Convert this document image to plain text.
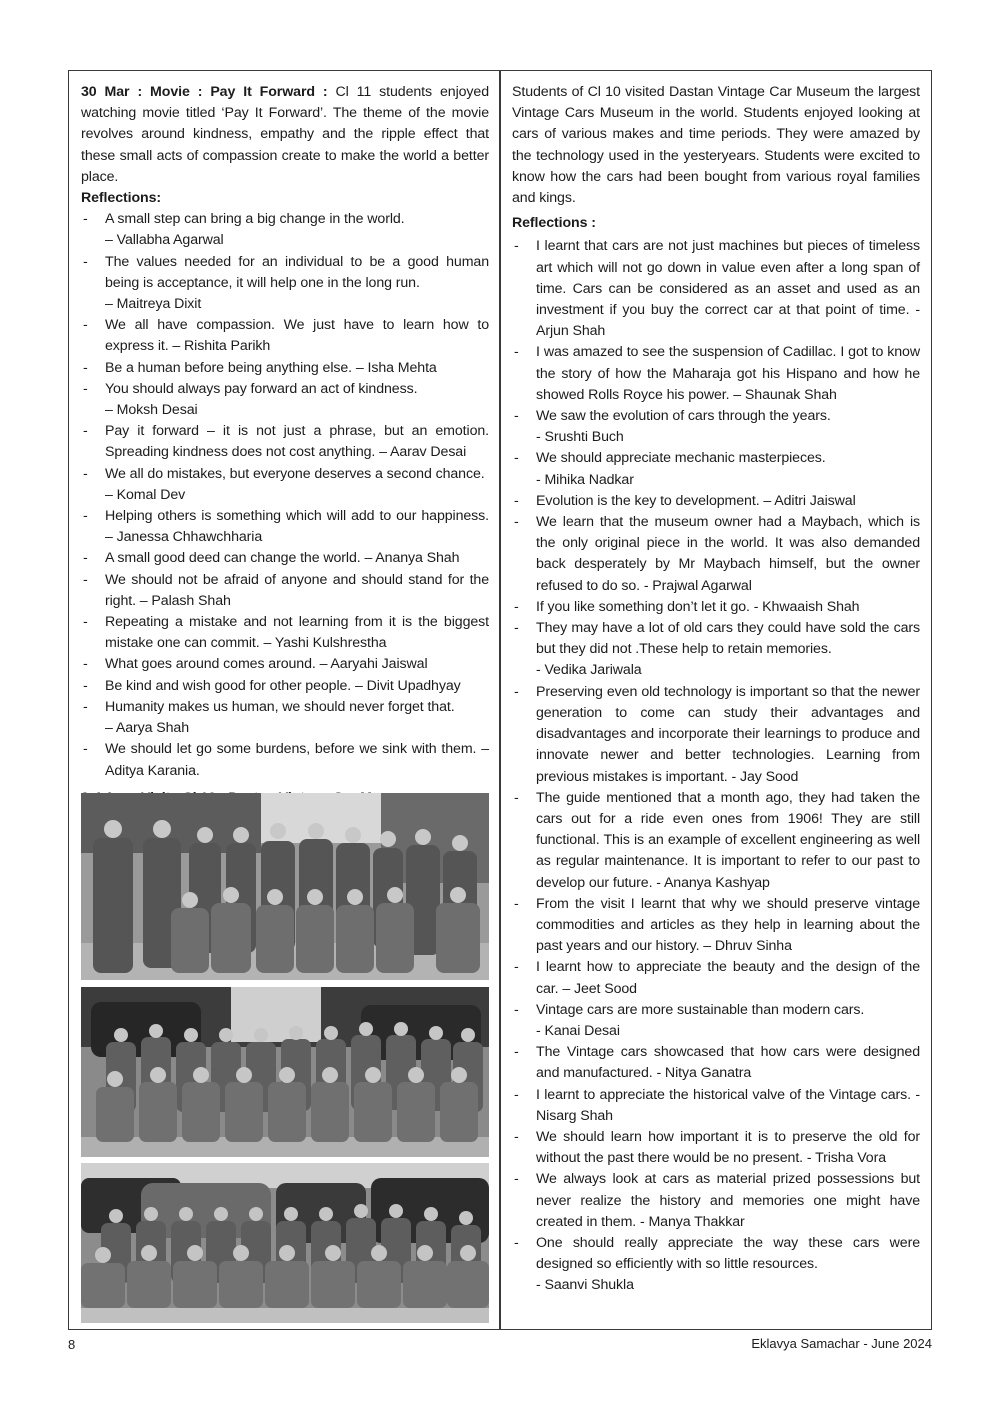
30 Mar : Movie : Pay It Forward : Cl 11 students enjoyed watching movie titled ‘Pay It Forward’. The theme of the movie revolves around kindness, empathy and the ripple effect that these small acts of compassion create to make the world a better place.

Reflections:

- A small step can bring a big change in the world.
– Vallabha Agarwal
- The values needed for an individual to be a good human being is acceptance, it will help one in the long run.
– Maitreya Dixit
- We all have compassion. We just have to learn how to express it. – Rishita Parikh
- Be a human before being anything else. – Isha Mehta
- You should always pay forward an act of kindness.
– Moksh Desai
- Pay it forward – it is not just a phrase, but an emotion. Spreading kindness does not cost anything. – Aarav Desai
- We all do mistakes, but everyone deserves a second chance.
– Komal Dev
- Helping others is something which will add to our happiness. – Janessa Chhawchharia
- A small good deed can change the world. – Ananya Shah
- We should not be afraid of anyone and should stand for the right. – Palash Shah
- Repeating a mistake and not learning from it is the biggest mistake one can commit. – Yashi Kulshrestha
- What goes around comes around. – Aaryahi Jaiswal
- Be kind and wish good for other people. – Divit Upadhyay
- Humanity makes us human, we should never forget that.
– Aarya Shah
- We should let go some burdens, before we sink with them. – Aditya Karania.

Students of Cl 10 visited Dastan Vintage Car Museum the largest Vintage Cars Museum in the world. Students enjoyed looking at cars of various makes and time periods. They were amazed by the technology used in the yesteryears. Students were excited to know how the cars had been bought from various royal families and kings.

Reflections :

- I learnt that cars are not just machines but pieces of timeless art which will not go down in value even after a long span of time. Cars can be considered as an asset and used as an investment if you buy the correct car at that point of time. - Arjun Shah
- I was amazed to see the suspension of Cadillac. I got to know the story of how the Maharaja got his Hispano and how he showed Rolls Royce his power. – Shaunak Shah
- We saw the evolution of cars through the years.
- Srushti Buch
- We should appreciate mechanic masterpieces.
- Mihika Nadkar
- Evolution is the key to development. – Aditri Jaiswal
- We learn that the museum owner had a Maybach, which is the only original piece in the world. It was also demanded back desperately by Mr Maybach himself, but the owner refused to do so. - Prajwal Agarwal
- If you like something don’t let it go. - Khwaaish Shah
- They may have a lot of old cars they could have sold the cars but they did not .These help to retain memories.
- Vedika Jariwala
- Preserving even old technology is important so that the newer generation to come can study their advantages and disadvantages and incorporate their learnings to produce and innovate newer and better technologies. Learning from previous mistakes is important. - Jay Sood
- The guide mentioned that a month ago, they had taken the cars out for a ride even ones from 1906! They are still functional. This is an example of excellent engineering as well as regular maintenance. It is important to refer to our past to develop our future. - Ananya Kashyap
- From the visit I learnt that why we should preserve vintage commodities and articles as they help in learning about the past years and our history. – Dhruv Sinha
- I learnt how to appreciate the beauty and the design of the car. – Jeet Sood
- Vintage cars are more sustainable than modern cars.
- Kanai Desai
- The Vintage cars showcased that how cars were designed and manufactured. - Nitya Ganatra
- I learnt to appreciate the historical valve of the Vintage cars. - Nisarg Shah
- We should learn how important it is to preserve the old for without the past there would be no present. - Trisha Vora
- We always look at cars as material prized possessions but never realize the history and memories one might have created in them. - Manya Thakkar
- One should really appreciate the way these cars were designed so efficiently with so little resources.
- Saanvi Shukla
8	Eklavya Samachar - June 2024
